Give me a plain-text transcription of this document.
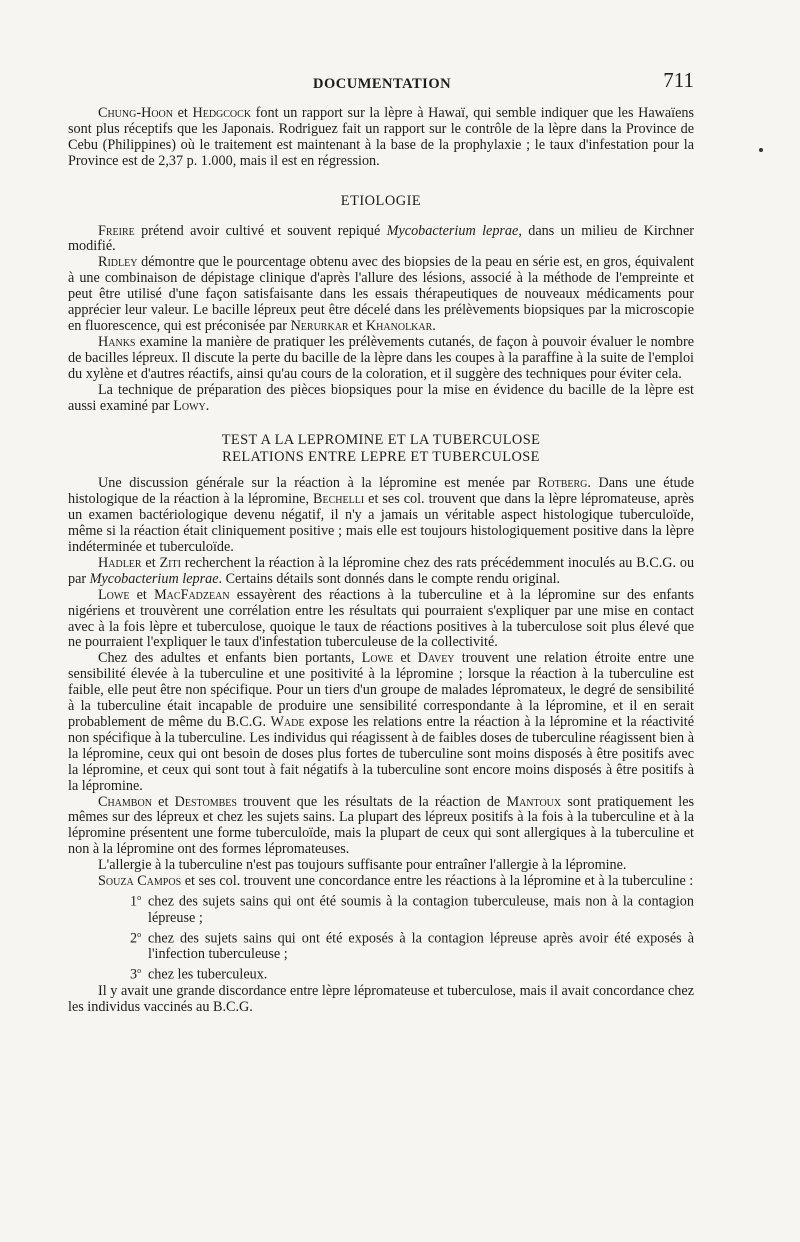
DOCUMENTATION	711

Chung-Hoon et Hedgcock font un rapport sur la lèpre à Hawaï, qui semble indiquer que les Hawaïens sont plus réceptifs que les Japonais. Rodriguez fait un rapport sur le contrôle de la lèpre dans la Province de Cebu (Philippines) où le traitement est maintenant à la base de la prophylaxie ; le taux d'infestation pour la Province est de 2,37 p. 1.000, mais il est en régression.

ETIOLOGIE

Freire prétend avoir cultivé et souvent repiqué Mycobacterium leprae, dans un milieu de Kirchner modifié.

Ridley démontre que le pourcentage obtenu avec des biopsies de la peau en série est, en gros, équivalent à une combinaison de dépistage clinique d'après l'allure des lésions, associé à la méthode de l'empreinte et peut être utilisé d'une façon satisfaisante dans les essais thérapeutiques de nouveaux médicaments pour apprécier leur valeur. Le bacille lépreux peut être décelé dans les prélèvements biopsiques par la microscopie en fluorescence, qui est préconisée par Nerurkar et Khanolkar.

Hanks examine la manière de pratiquer les prélèvements cutanés, de façon à pouvoir évaluer le nombre de bacilles lépreux. Il discute la perte du bacille de la lèpre dans les coupes à la paraffine à la suite de l'emploi du xylène et d'autres réactifs, ainsi qu'au cours de la coloration, et il suggère des techniques pour éviter cela.

La technique de préparation des pièces biopsiques pour la mise en évidence du bacille de la lèpre est aussi examiné par Lowy.

TEST A LA LEPROMINE ET LA TUBERCULOSE
RELATIONS ENTRE LEPRE ET TUBERCULOSE

Une discussion générale sur la réaction à la lépromine est menée par Rotberg. Dans une étude histologique de la réaction à la lépromine, Bechelli et ses col. trouvent que dans la lèpre lépromateuse, après un examen bactériologique devenu négatif, il n'y a jamais un véritable aspect histologique tuberculoïde, même si la réaction était cliniquement positive ; mais elle est toujours histologiquement positive dans la lèpre indéterminée et tuberculoïde.

Hadler et Ziti recherchent la réaction à la lépromine chez des rats précédemment inoculés au B.C.G. ou par Mycobacterium leprae. Certains détails sont donnés dans le compte rendu original.

Lowe et MacFadzean essayèrent des réactions à la tuberculine et à la lépromine sur des enfants nigériens et trouvèrent une corrélation entre les résultats qui pourraient s'expliquer par une mise en contact avec à la fois lèpre et tuberculose, quoique le taux de réactions positives à la tuberculose soit plus élevé que ne pourraient l'expliquer le taux d'infestation tuberculeuse de la collectivité.

Chez des adultes et enfants bien portants, Lowe et Davey trouvent une relation étroite entre une sensibilité élevée à la tuberculine et une positivité à la lépromine ; lorsque la réaction à la tuberculine est faible, elle peut être non spécifique. Pour un tiers d'un groupe de malades lépromateux, le degré de sensibilité à la tuberculine était incapable de produire une sensibilité correspondante à la lépromine, et il en serait probablement de même du B.C.G. Wade expose les relations entre la réaction à la lépromine et la réactivité non spécifique à la tuberculine. Les individus qui réagissent à de faibles doses de tuberculine réagissent bien à la lépromine, ceux qui ont besoin de doses plus fortes de tuberculine sont moins disposés à être positifs avec la lépromine, et ceux qui sont tout à fait négatifs à la tuberculine sont encore moins disposés à être positifs à la lépromine.

Chambon et Destombes trouvent que les résultats de la réaction de Mantoux sont pratiquement les mêmes sur des lépreux et chez les sujets sains. La plupart des lépreux positifs à la fois à la tuberculine et à la lépromine présentent une forme tuberculoïde, mais la plupart de ceux qui sont allergiques à la tuberculine et non à la lépromine ont des formes lépromateuses.

L'allergie à la tuberculine n'est pas toujours suffisante pour entraîner l'allergie à la lépromine.

Souza Campos et ses col. trouvent une concordance entre les réactions à la lépromine et à la tuberculine :

1$^o$ chez des sujets sains qui ont été soumis à la contagion tuberculeuse, mais non à la contagion lépreuse ;

2$^o$ chez des sujets sains qui ont été exposés à la contagion lépreuse après avoir été exposés à l'infection tuberculeuse ;

3$^o$ chez les tuberculeux.

Il y avait une grande discordance entre lèpre lépromateuse et tuberculose, mais il avait concordance chez les individus vaccinés au B.C.G.
